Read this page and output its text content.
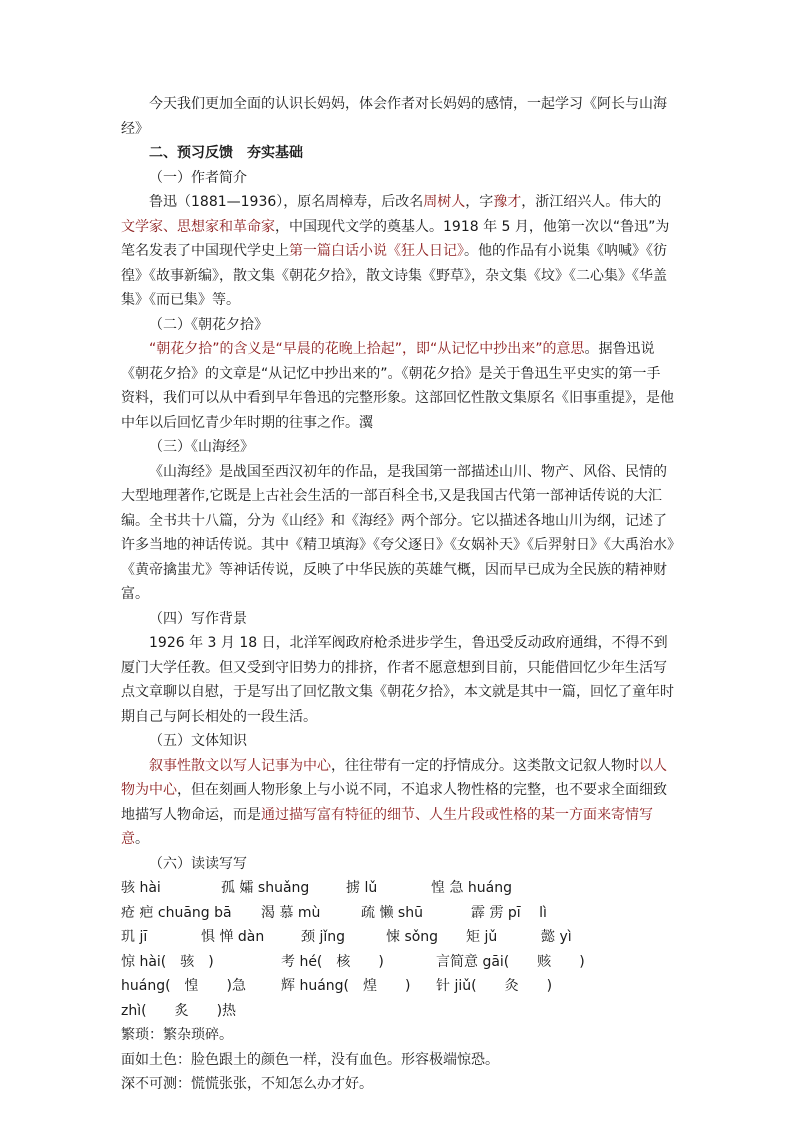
今天我们更加全面的认识长妈妈，体会作者对长妈妈的感情，一起学习《阿长与山海

经》

二、预习反馈　夯实基础

（一）作者简介

鲁迅（1881—1936），原名周樟寿，后改名周树人，字豫才，浙江绍兴人。伟大的文学家、思想家和革命家，中国现代文学的奠基人。1918 年 5 月，他第一次以“鲁迅”为笔名发表了中国现代学史上第一篇白话小说《狂人日记》。他的作品有小说集《呐喊》《彷徨》《故事新编》，散文集《朝花夕拾》，散文诗集《野草》，杂文集《坟》《二心集》《华盖集》《而已集》等。

（二）《朝花夕拾》

“朝花夕拾”的含义是“早晨的花晚上拾起”，即“从记忆中抄出来”的意思。据鲁迅说《朝花夕拾》的文章是“从记忆中抄出来的”。《朝花夕拾》是关于鲁迅生平史实的第一手资料，我们可以从中看到早年鲁迅的完整形象。这部回忆性散文集原名《旧事重提》，是他中年以后回忆青少年时期的往事之作。瀷

（三）《山海经》

《山海经》是战国至西汉初年的作品，是我国第一部描述山川、物产、风俗、民情的大型地理著作,它既是上古社会生活的一部百科全书,又是我国古代第一部神话传说的大汇编。全书共十八篇，分为《山经》和《海经》两个部分。它以描述各地山川为纲，记述了许多当地的神话传说。其中《精卫填海》《夸父逐日》《女娲补天》《后羿射日》《大禹治水》《黄帝擒蚩尤》等神话传说，反映了中华民族的英雄气概，因而早已成为全民族的精神财富。

（四）写作背景

1926 年 3 月 18 日，北洋军阀政府枪杀进步学生，鲁迅受反动政府通缉，不得不到厦门大学任教。但又受到守旧势力的排挤，作者不愿意想到目前，只能借回忆少年生活写点文章聊以自慰，于是写出了回忆散文集《朝花夕拾》，本文就是其中一篇，回忆了童年时期自己与阿长相处的一段生活。

（五）文体知识

叙事性散文以写人记事为中心，往往带有一定的抒情成分。这类散文记叙人物时以人物为中心，但在刻画人物形象上与小说不同，不追求人物性格的完整，也不要求全面细致地描写人物命运，而是通过描写富有特征的细节、人生片段或性格的某一方面来寄情写意。

（六）读读写写

骇 hài	孤 孀 shuǎng	掳 lǔ	惶 急 huáng
疮 疤 chuāng bā	渴 慕 mù	疏 懒 shū	霹 雳 pī　 lì
玑 jī	惧 惮 dàn	颈 jǐng	悚 sǒng	矩 jǔ	懿 yì
惊 hài(　骇　)	考 hé(　核　　)	言简意 gāi(　　赅　　)
huáng(　惶　　)急	辉 huáng(　煌　　)	针 jiǔ(　　灸　　)
zhì(　　炙　　)热

繁琐：繁杂琐碎。

面如土色：脸色跟土的颜色一样，没有血色。形容极端惊恐。

深不可测：慌慌张张，不知怎么办才好。
